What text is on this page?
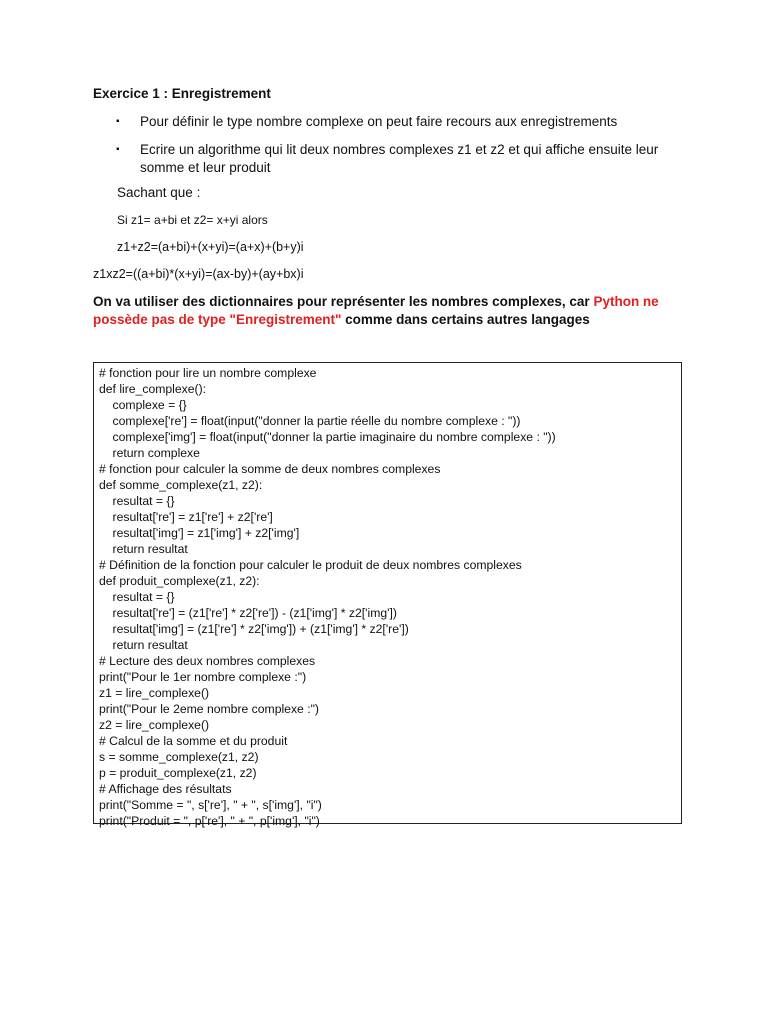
Exercice 1 : Enregistrement
▪ Pour définir le type nombre complexe on peut faire recours aux enregistrements
▪ Ecrire un algorithme qui lit deux nombres complexes z1 et z2 et qui affiche ensuite leur somme et leur produit
Sachant que :
Si z1= a+bi et z2= x+yi alors
z1+z2=(a+bi)+(x+yi)=(a+x)+(b+y)i
z1xz2=((a+bi)*(x+yi)=(ax-by)+(ay+bx)i
On va utiliser des dictionnaires pour représenter les nombres complexes, car Python ne possède pas de type "Enregistrement" comme dans certains autres langages
# fonction pour lire un nombre complexe
def lire_complexe():
complexe = {}
complexe['re'] = float(input("donner la partie réelle du nombre complexe : "))
complexe['img'] = float(input("donner la partie imaginaire du nombre complexe : "))
return complexe
# fonction pour calculer la somme de deux nombres complexes
def somme_complexe(z1, z2):
resultat = {}
resultat['re'] = z1['re'] + z2['re']
resultat['img'] = z1['img'] + z2['img']
return resultat
# Définition de la fonction pour calculer le produit de deux nombres complexes
def produit_complexe(z1, z2):
resultat = {}
resultat['re'] = (z1['re'] * z2['re']) - (z1['img'] * z2['img'])
resultat['img'] = (z1['re'] * z2['img']) + (z1['img'] * z2['re'])
return resultat
# Lecture des deux nombres complexes
print("Pour le 1er nombre complexe :")
z1 = lire_complexe()
print("Pour le 2eme nombre complexe :")
z2 = lire_complexe()
# Calcul de la somme et du produit
s = somme_complexe(z1, z2)
p = produit_complexe(z1, z2)
# Affichage des résultats
print("Somme = ", s['re'], " + ", s['img'], "i")
print("Produit = ", p['re'], " + ", p['img'], "i")
